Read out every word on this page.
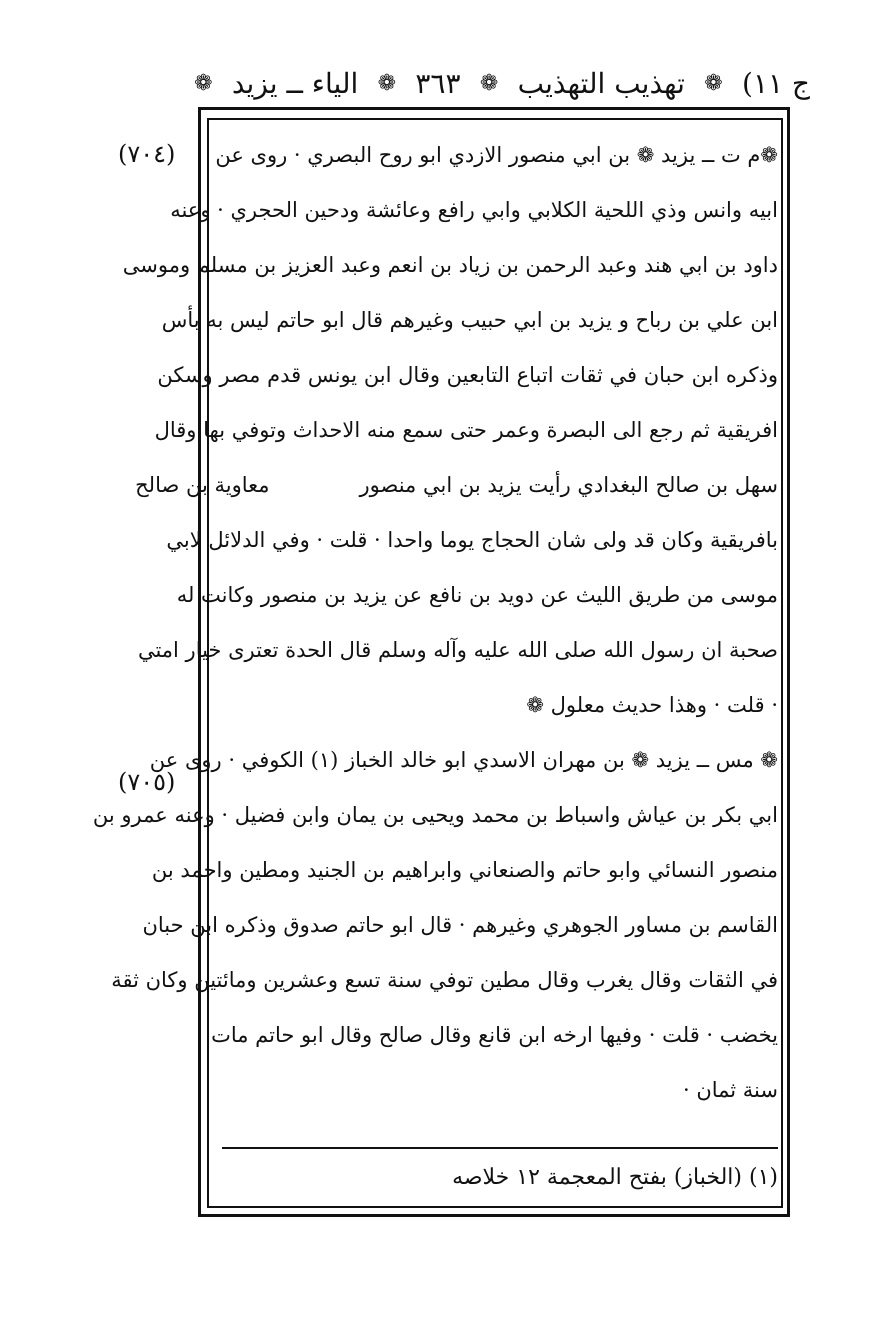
ج ١١)
❁
تهذيب التهذيب
❁
٣٦٣
❁
الياء ــ يزيد
❁
(٧٠٤)
(٧٠٥)
❁م ت ــ يزيد ❁ بن ابي منصور الازدي ابو روح البصري · روى عن
ابيه وانس وذي اللحية الكلابي وابي رافع وعائشة ودحين الحجري · وعنه
داود بن ابي هند وعبد الرحمن بن زياد بن انعم وعبد العزيز بن مسلم وموسى
ابن علي بن رباح و يزيد بن ابي حبيب وغيرهم قال ابو حاتم ليس به بأس
وذكره ابن حبان في ثقات اتباع التابعين وقال ابن يونس قدم مصر وسكن
افريقية ثم رجع الى البصرة وعمر حتى سمع منه الاحداث وتوفي بها وقال
سهل بن صالح البغدادي رأيت يزيد بن ابي منصورمعاوية بن صالح
بافريقية وكان قد ولى شان الحجاج يوما واحدا · قلت · وفي الدلائل لابي
موسى من طريق الليث عن دويد بن نافع عن يزيد بن منصور وكانت له
صحبة ان رسول الله صلى الله عليه وآله وسلم قال الحدة تعترى خيار امتي
· قلت · وهذا حديث معلول ❁
❁ مس ــ يزيد ❁ بن مهران الاسدي ابو خالد الخباز (١) الكوفي · روى عن
ابي بكر بن عياش واسباط بن محمد ويحيى بن يمان وابن فضيل · وعنه عمرو بن
منصور النسائي وابو حاتم والصنعاني وابراهيم بن الجنيد ومطين واحمد بن
القاسم بن مساور الجوهري وغيرهم · قال ابو حاتم صدوق وذكره ابن حبان
في الثقات وقال يغرب وقال مطين توفي سنة تسع وعشرين ومائتين وكان ثقة
يخضب · قلت · وفيها ارخه ابن قانع وقال صالح وقال ابو حاتم مات
سنة ثمان ·
(١) (الخباز) بفتح المعجمة ١٢ خلاصه
